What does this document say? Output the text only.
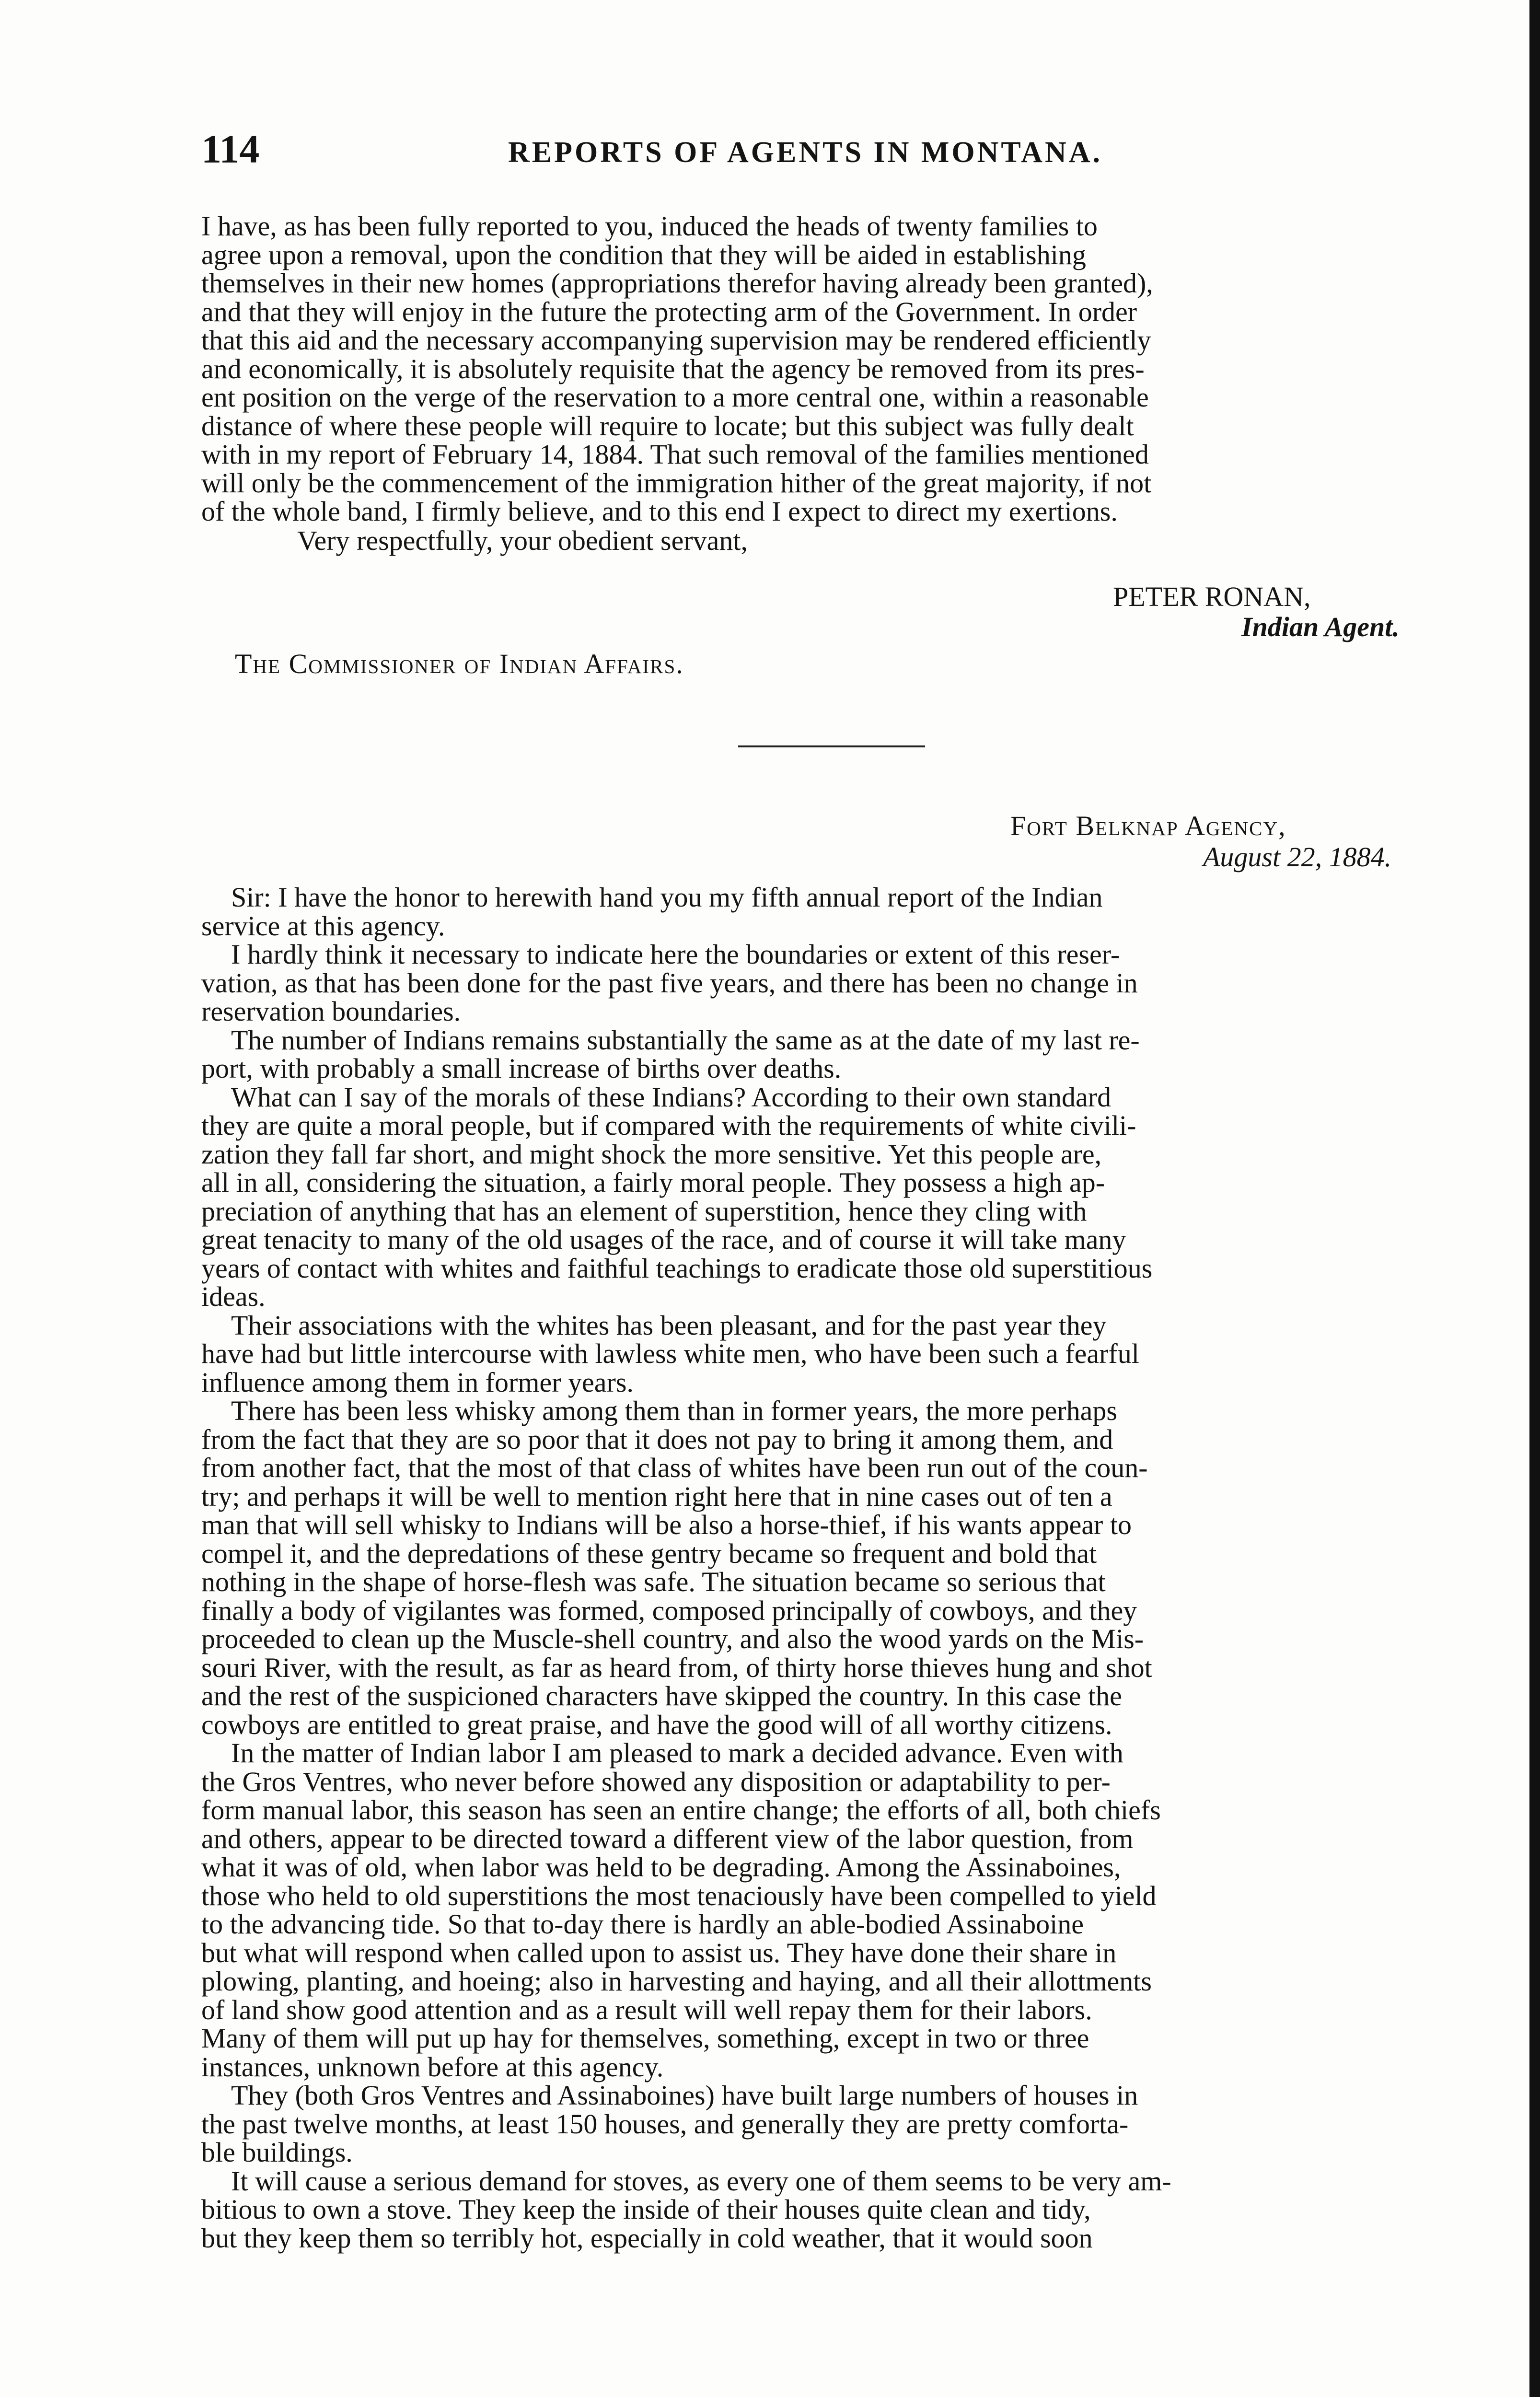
114	REPORTS OF AGENTS IN MONTANA.

I have, as has been fully reported to you, induced the heads of twenty families to
agree upon a removal, upon the condition that they will be aided in establishing
themselves in their new homes (appropriations therefor having already been granted),
and that they will enjoy in the future the protecting arm of the Government. In order
that this aid and the necessary accompanying supervision may be rendered efficiently
and economically, it is absolutely requisite that the agency be removed from its pres-
ent position on the verge of the reservation to a more central one, within a reasonable
distance of where these people will require to locate; but this subject was fully dealt
with in my report of February 14, 1884. That such removal of the families mentioned
will only be the commencement of the immigration hither of the great majority, if not
of the whole band, I firmly believe, and to this end I expect to direct my exertions.

Very respectfully, your obedient servant,

PETER RONAN,
Indian Agent.
The Commissioner of Indian Affairs.
Fort Belknap Agency,
August 22, 1884.

Sir: I have the honor to herewith hand you my fifth annual report of the Indian
service at this agency.

I hardly think it necessary to indicate here the boundaries or extent of this reser-
vation, as that has been done for the past five years, and there has been no change in
reservation boundaries.

The number of Indians remains substantially the same as at the date of my last re-
port, with probably a small increase of births over deaths.

What can I say of the morals of these Indians? According to their own standard
they are quite a moral people, but if compared with the requirements of white civili-
zation they fall far short, and might shock the more sensitive. Yet this people are,
all in all, considering the situation, a fairly moral people. They possess a high ap-
preciation of anything that has an element of superstition, hence they cling with
great tenacity to many of the old usages of the race, and of course it will take many
years of contact with whites and faithful teachings to eradicate those old superstitious
ideas.

Their associations with the whites has been pleasant, and for the past year they
have had but little intercourse with lawless white men, who have been such a fearful
influence among them in former years.

There has been less whisky among them than in former years, the more perhaps
from the fact that they are so poor that it does not pay to bring it among them, and
from another fact, that the most of that class of whites have been run out of the coun-
try; and perhaps it will be well to mention right here that in nine cases out of ten a
man that will sell whisky to Indians will be also a horse-thief, if his wants appear to
compel it, and the depredations of these gentry became so frequent and bold that
nothing in the shape of horse-flesh was safe. The situation became so serious that
finally a body of vigilantes was formed, composed principally of cowboys, and they
proceeded to clean up the Muscle-shell country, and also the wood yards on the Mis-
souri River, with the result, as far as heard from, of thirty horse thieves hung and shot
and the rest of the suspicioned characters have skipped the country. In this case the
cowboys are entitled to great praise, and have the good will of all worthy citizens.

In the matter of Indian labor I am pleased to mark a decided advance. Even with
the Gros Ventres, who never before showed any disposition or adaptability to per-
form manual labor, this season has seen an entire change; the efforts of all, both chiefs
and others, appear to be directed toward a different view of the labor question, from
what it was of old, when labor was held to be degrading. Among the Assinaboines,
those who held to old superstitions the most tenaciously have been compelled to yield
to the advancing tide. So that to-day there is hardly an able-bodied Assinaboine
but what will respond when called upon to assist us. They have done their share in
plowing, planting, and hoeing; also in harvesting and haying, and all their allottments
of land show good attention and as a result will well repay them for their labors.
Many of them will put up hay for themselves, something, except in two or three
instances, unknown before at this agency.

They (both Gros Ventres and Assinaboines) have built large numbers of houses in
the past twelve months, at least 150 houses, and generally they are pretty comforta-
ble buildings.

It will cause a serious demand for stoves, as every one of them seems to be very am-
bitious to own a stove. They keep the inside of their houses quite clean and tidy,
but they keep them so terribly hot, especially in cold weather, that it would soon
